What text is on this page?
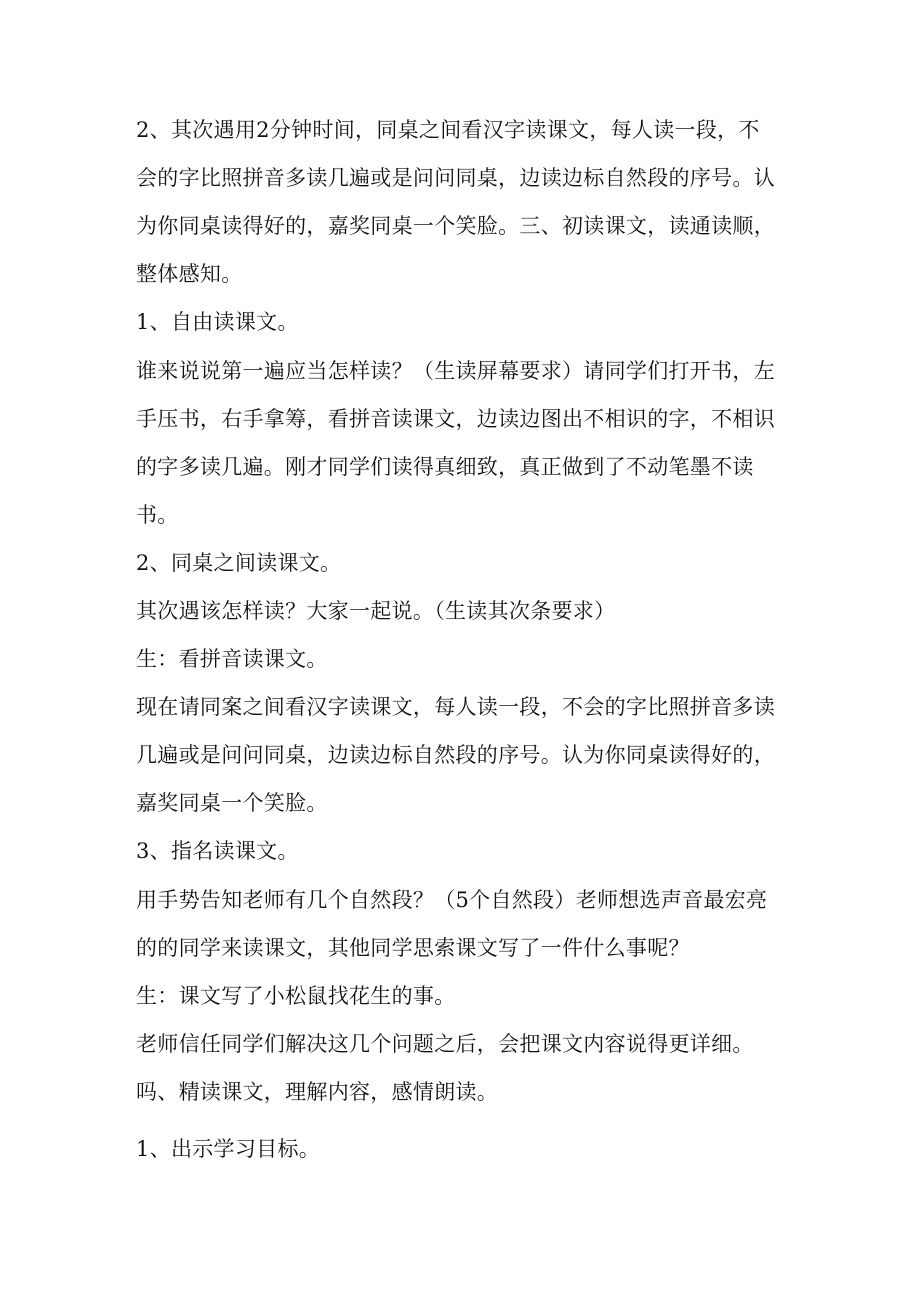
2、其次遇用2分钟时间，同桌之间看汉字读课文，每人读一段，不
会的字比照拼音多读几遍或是问问同桌，边读边标自然段的序号。认
为你同桌读得好的，嘉奖同桌一个笑脸。三、初读课文，读通读顺，
整体感知。
1、自由读课文。
谁来说说第一遍应当怎样读？（生读屏幕要求）请同学们打开书，左
手压书，右手拿筹，看拼音读课文，边读边图出不相识的字，不相识
的字多读几遍。刚才同学们读得真细致，真正做到了不动笔墨不读
书。
2、同桌之间读课文。
其次遇该怎样读？大家一起说。（生读其次条要求）
生：看拼音读课文。
现在请同案之间看汉字读课文，每人读一段，不会的字比照拼音多读
几遍或是问问同桌，边读边标自然段的序号。认为你同桌读得好的，
嘉奖同桌一个笑脸。
3、指名读课文。
用手势告知老师有几个自然段？（5个自然段）老师想选声音最宏亮
的的同学来读课文，其他同学思索课文写了一件什么事呢？
生：课文写了小松鼠找花生的事。
老师信任同学们解决这几个问题之后，会把课文内容说得更详细。
吗、精读课文，理解内容，感情朗读。
1、出示学习目标。
